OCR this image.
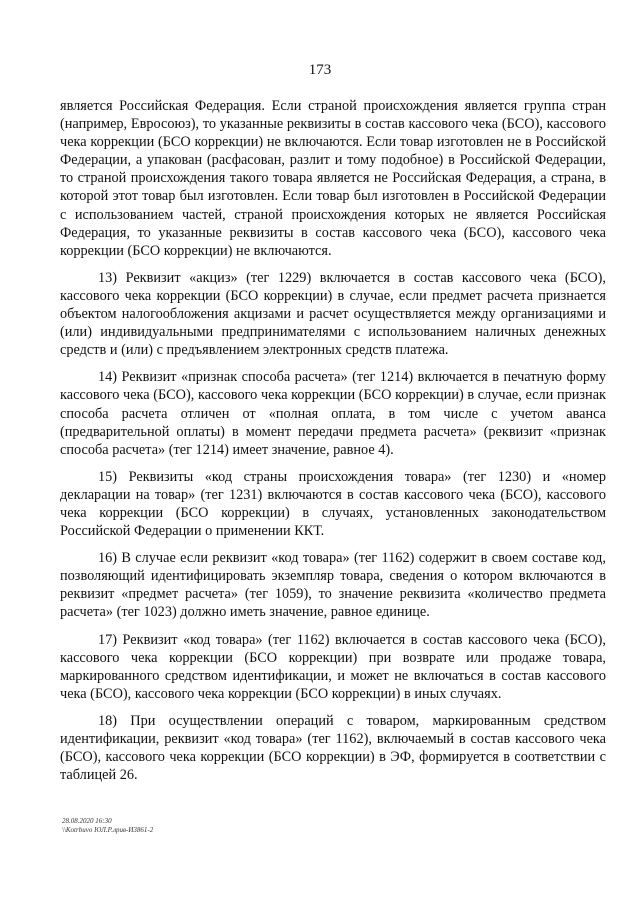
173

является Российская Федерация. Если страной происхождения является группа стран (например, Евросоюз), то указанные реквизиты в состав кассового чека (БСО), кассового чека коррекции (БСО коррекции) не включаются. Если товар изготовлен не в Российской Федерации, а упакован (расфасован, разлит и тому подобное) в Российской Федерации, то страной происхождения такого товара является не Российская Федерация, а страна, в которой этот товар был изготовлен. Если товар был изготовлен в Российской Федерации с использованием частей, страной происхождения которых не является Российская Федерация, то указанные реквизиты в состав кассового чека (БСО), кассового чека коррекции (БСО коррекции) не включаются.

13) Реквизит «акциз» (тег 1229) включается в состав кассового чека (БСО), кассового чека коррекции (БСО коррекции) в случае, если предмет расчета признается объектом налогообложения акцизами и расчет осуществляется между организациями и (или) индивидуальными предпринимателями с использованием наличных денежных средств и (или) с предъявлением электронных средств платежа.

14) Реквизит «признак способа расчета» (тег 1214) включается в печатную форму кассового чека (БСО), кассового чека коррекции (БСО коррекции) в случае, если признак способа расчета отличен от «полная оплата, в том числе с учетом аванса (предварительной оплаты) в момент передачи предмета расчета» (реквизит «признак способа расчета» (тег 1214) имеет значение, равное 4).

15) Реквизиты «код страны происхождения товара» (тег 1230) и «номер декларации на товар» (тег 1231) включаются в состав кассового чека (БСО), кассового чека коррекции (БСО коррекции) в случаях, установленных законодательством Российской Федерации о применении ККТ.

16) В случае если реквизит «код товара» (тег 1162) содержит в своем составе код, позволяющий идентифицировать экземпляр товара, сведения о котором включаются в реквизит «предмет расчета» (тег 1059), то значение реквизита «количество предмета расчета» (тег 1023) должно иметь значение, равное единице.

17) Реквизит «код товара» (тег 1162) включается в состав кассового чека (БСО), кассового чека коррекции (БСО коррекции) при возврате или продаже товара, маркированного средством идентификации, и может не включаться в состав кассового чека (БСО), кассового чека коррекции (БСО коррекции) в иных случаях.

18) При осуществлении операций с товаром, маркированным средством идентификации, реквизит «код товара» (тег 1162), включаемый в состав кассового чека (БСО), кассового чека коррекции (БСО коррекции) в ЭФ, формируется в соответствии с таблицей 26.

28.08.2020 16:30
\\Kotrbuvo ЮЛ.Р.лрив-И3861-2
